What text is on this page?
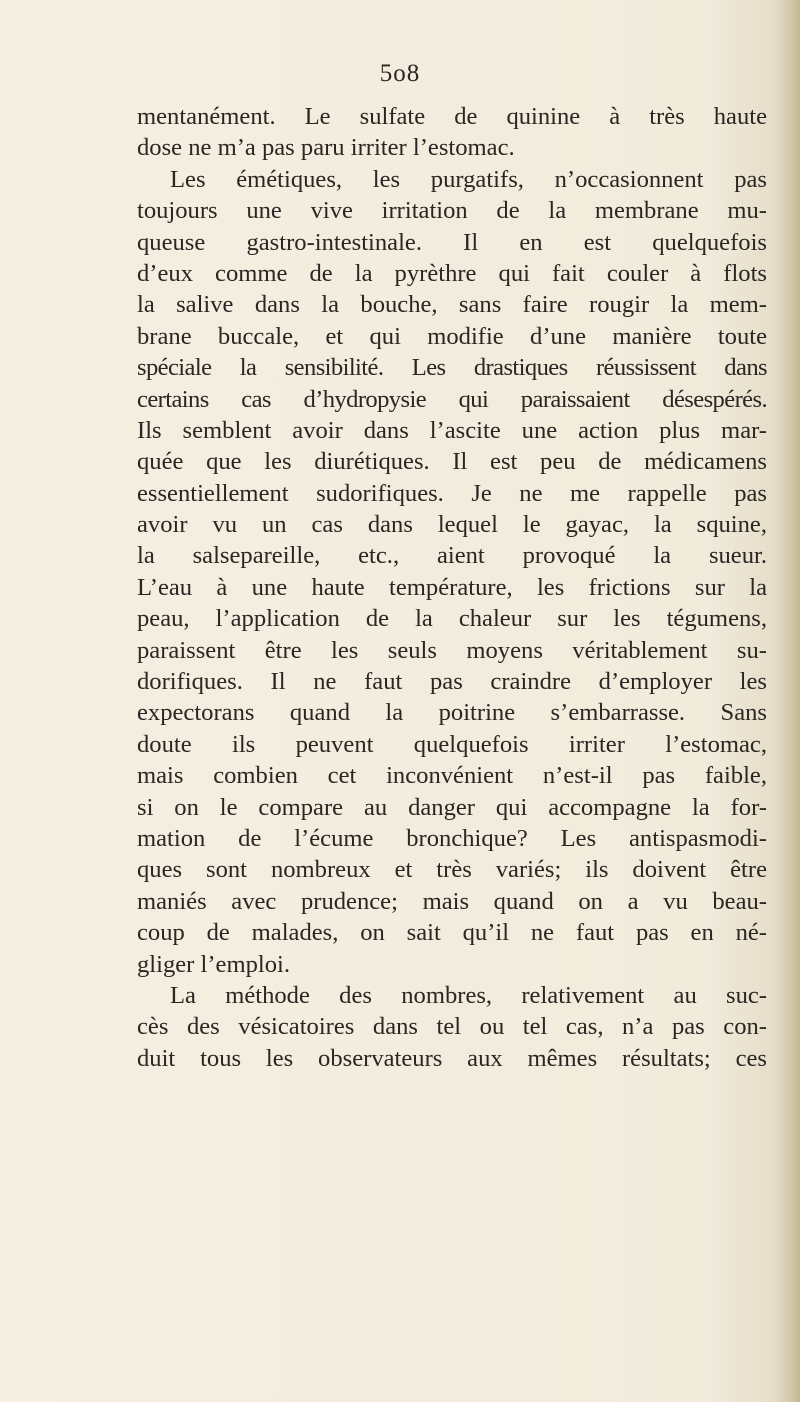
5o8
mentanément. Le sulfate de quinine à très haute
dose ne m’a pas paru irriter l’estomac.
Les émétiques, les purgatifs, n’occasionnent pas
toujours une vive irritation de la membrane mu-
queuse gastro-intestinale. Il en est quelquefois
d’eux comme de la pyrèthre qui fait couler à flots
la salive dans la bouche, sans faire rougir la mem-
brane buccale, et qui modifie d’une manière toute
spéciale la sensibilité. Les drastiques réussissent dans
certains cas d’hydropysie qui paraissaient désespérés.
Ils semblent avoir dans l’ascite une action plus mar-
quée que les diurétiques. Il est peu de médicamens
essentiellement sudorifiques. Je ne me rappelle pas
avoir vu un cas dans lequel le gayac, la squine,
la salsepareille, etc., aient provoqué la sueur.
L’eau à une haute température, les frictions sur la
peau, l’application de la chaleur sur les tégumens,
paraissent être les seuls moyens véritablement su-
dorifiques. Il ne faut pas craindre d’employer les
expectorans quand la poitrine s’embarrasse. Sans
doute ils peuvent quelquefois irriter l’estomac,
mais combien cet inconvénient n’est-il pas faible,
si on le compare au danger qui accompagne la for-
mation de l’écume bronchique? Les antispasmodi-
ques sont nombreux et très variés; ils doivent être
maniés avec prudence; mais quand on a vu beau-
coup de malades, on sait qu’il ne faut pas en né-
gliger l’emploi.
La méthode des nombres, relativement au suc-
cès des vésicatoires dans tel ou tel cas, n’a pas con-
duit tous les observateurs aux mêmes résultats; ces
